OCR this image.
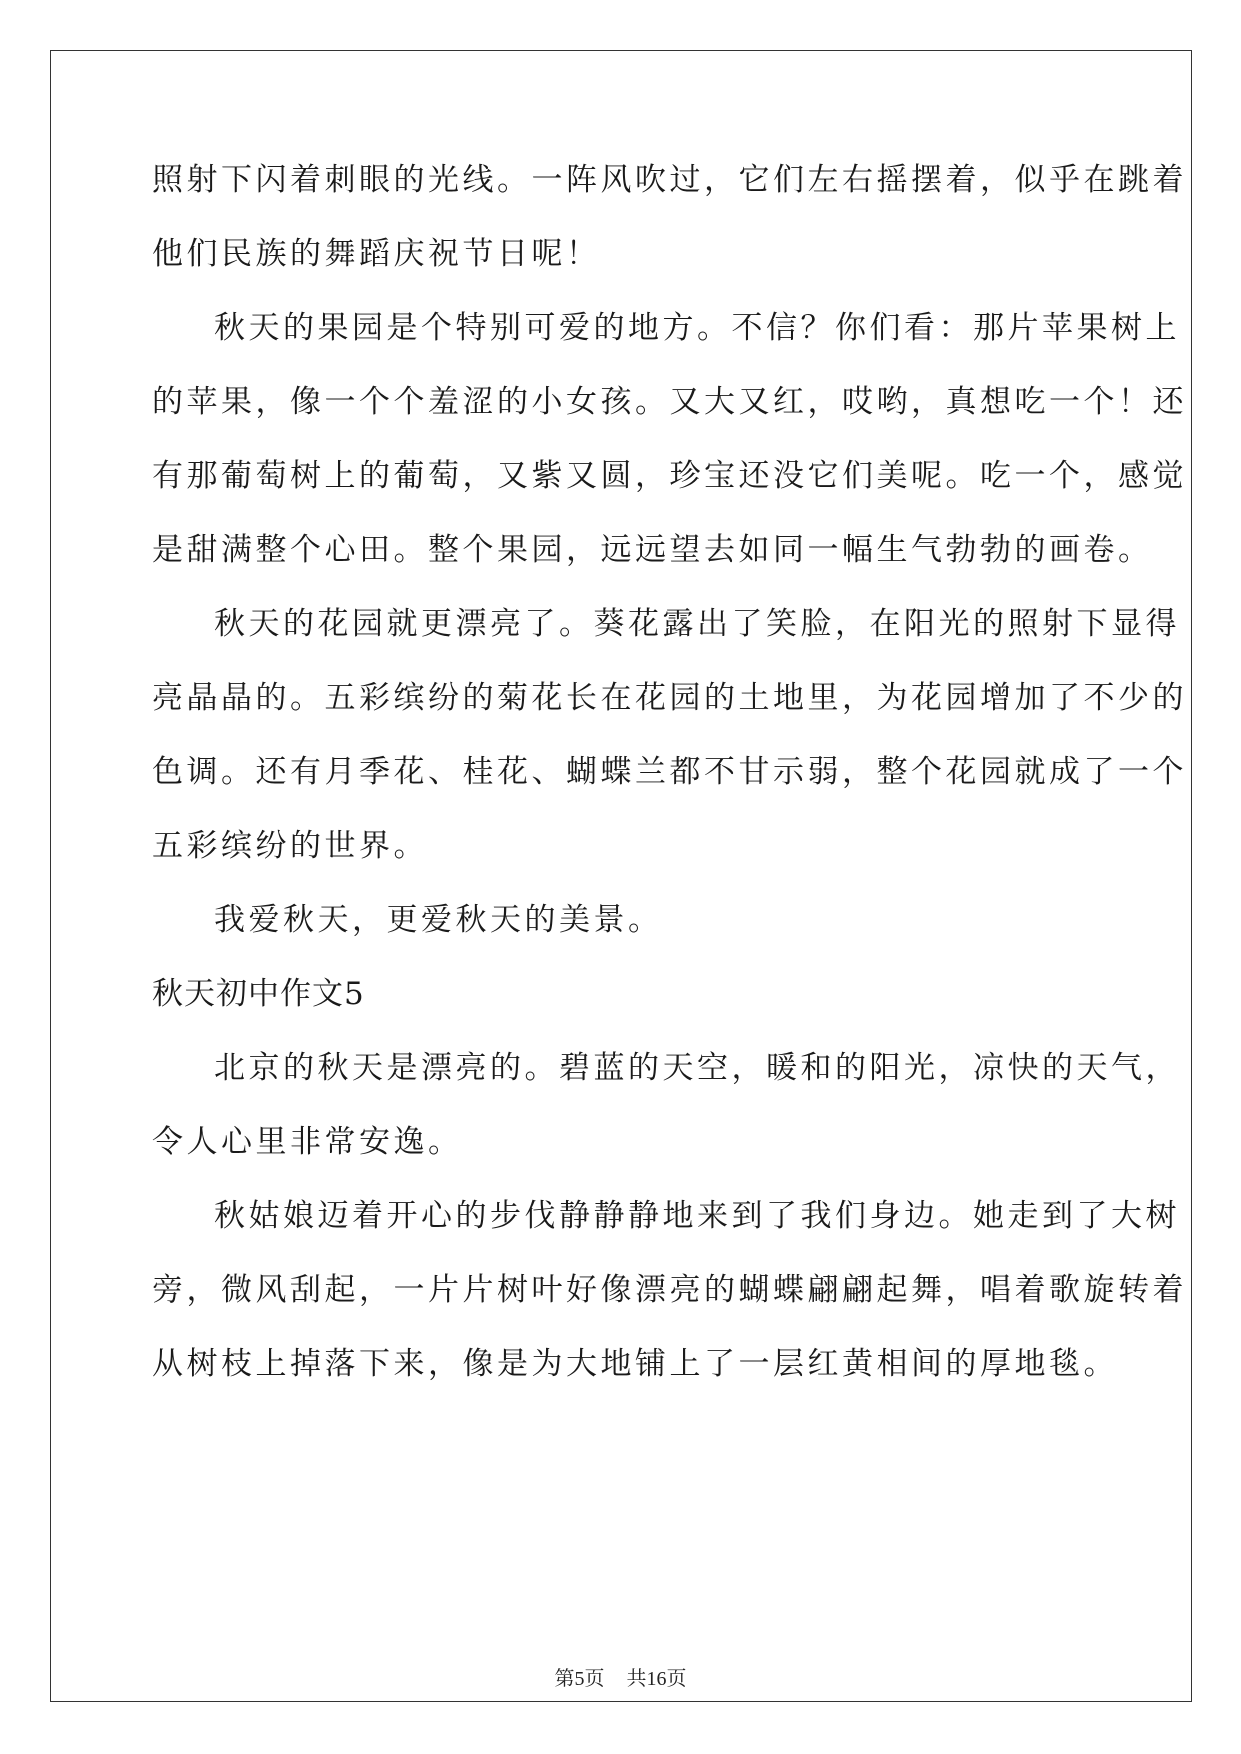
照射下闪着刺眼的光线。一阵风吹过，它们左右摇摆着，似乎在跳着
他们民族的舞蹈庆祝节日呢！
秋天的果园是个特别可爱的地方。不信？你们看：那片苹果树上
的苹果，像一个个羞涩的小女孩。又大又红，哎哟，真想吃一个！还
有那葡萄树上的葡萄，又紫又圆，珍宝还没它们美呢。吃一个，感觉
是甜满整个心田。整个果园，远远望去如同一幅生气勃勃的画卷。
秋天的花园就更漂亮了。葵花露出了笑脸，在阳光的照射下显得
亮晶晶的。五彩缤纷的菊花长在花园的土地里，为花园增加了不少的
色调。还有月季花、桂花、蝴蝶兰都不甘示弱，整个花园就成了一个
五彩缤纷的世界。
我爱秋天，更爱秋天的美景。
秋天初中作文5
北京的秋天是漂亮的。碧蓝的天空，暖和的阳光，凉快的天气，
令人心里非常安逸。
秋姑娘迈着开心的步伐静静静地来到了我们身边。她走到了大树
旁，微风刮起，一片片树叶好像漂亮的蝴蝶翩翩起舞，唱着歌旋转着
从树枝上掉落下来，像是为大地铺上了一层红黄相间的厚地毯。
第5页 共16页
